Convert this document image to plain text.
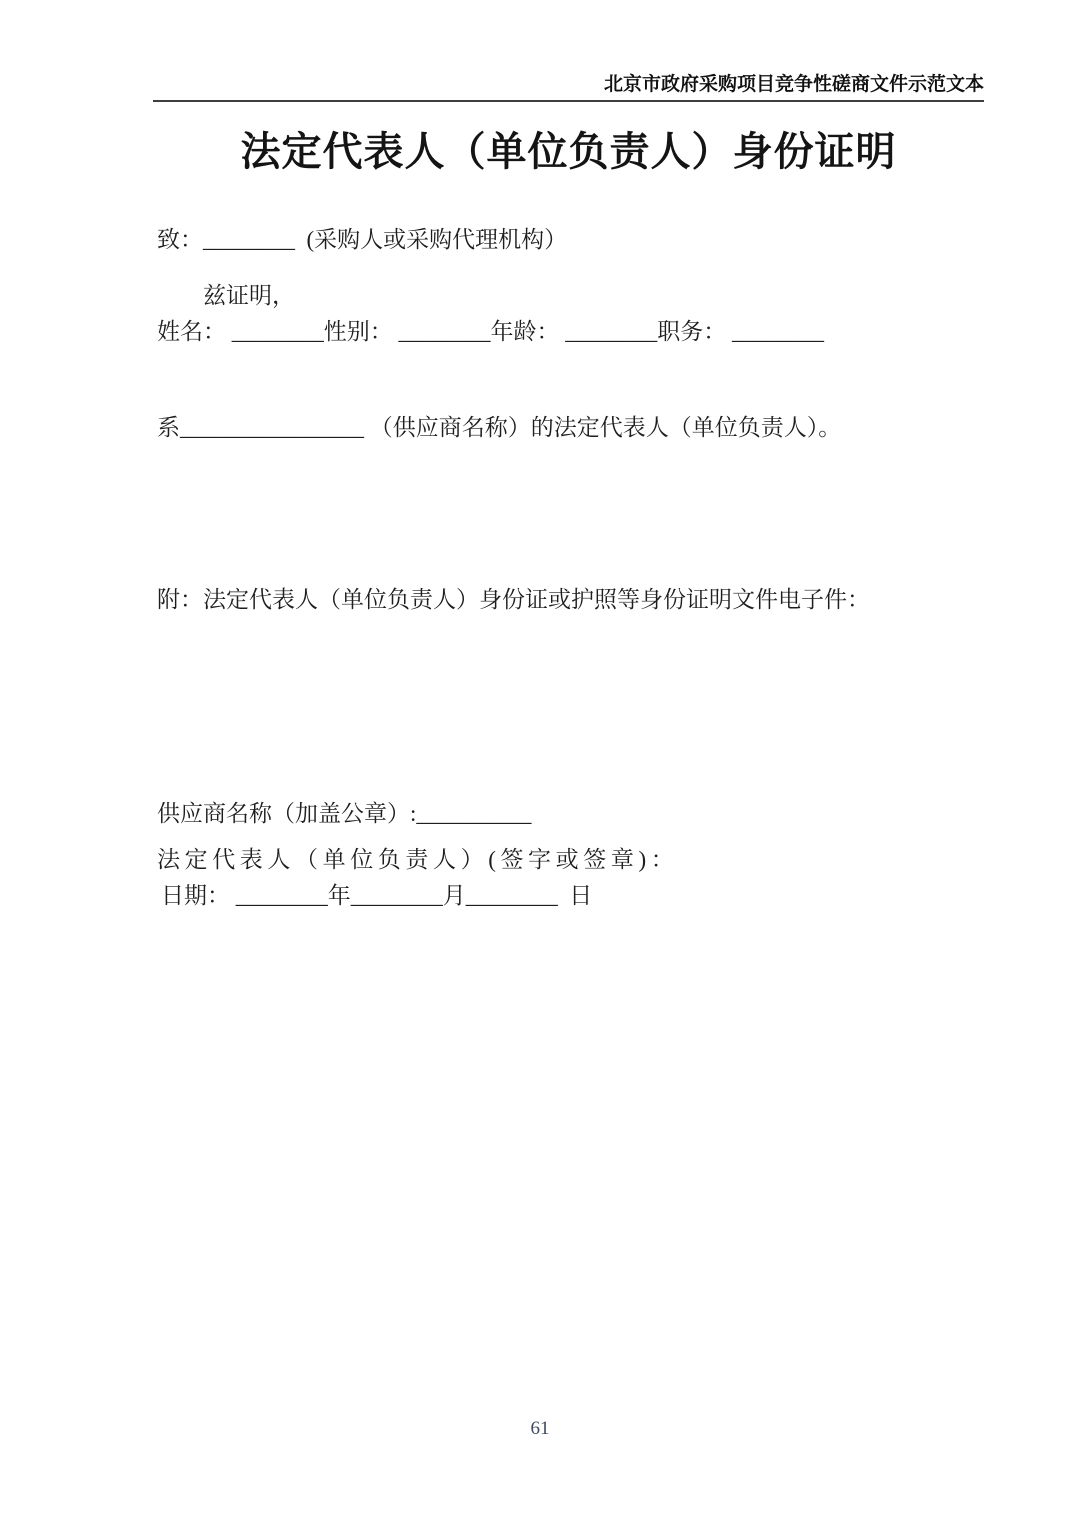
北京市政府采购项目竞争性磋商文件示范文本
法定代表人（单位负责人）身份证明
致：________  (采购人或采购代理机构）
兹证明，
姓名： ________性别： ________年龄： ________职务： ________
系________________ （供应商名称）的法定代表人（单位负责人）。
附：法定代表人（单位负责人）身份证或护照等身份证明文件电子件：
供应商名称（加盖公章）:__________
法定代表人（单位负责人）(签字或签章)：
日期： ________年________月________  日
61
